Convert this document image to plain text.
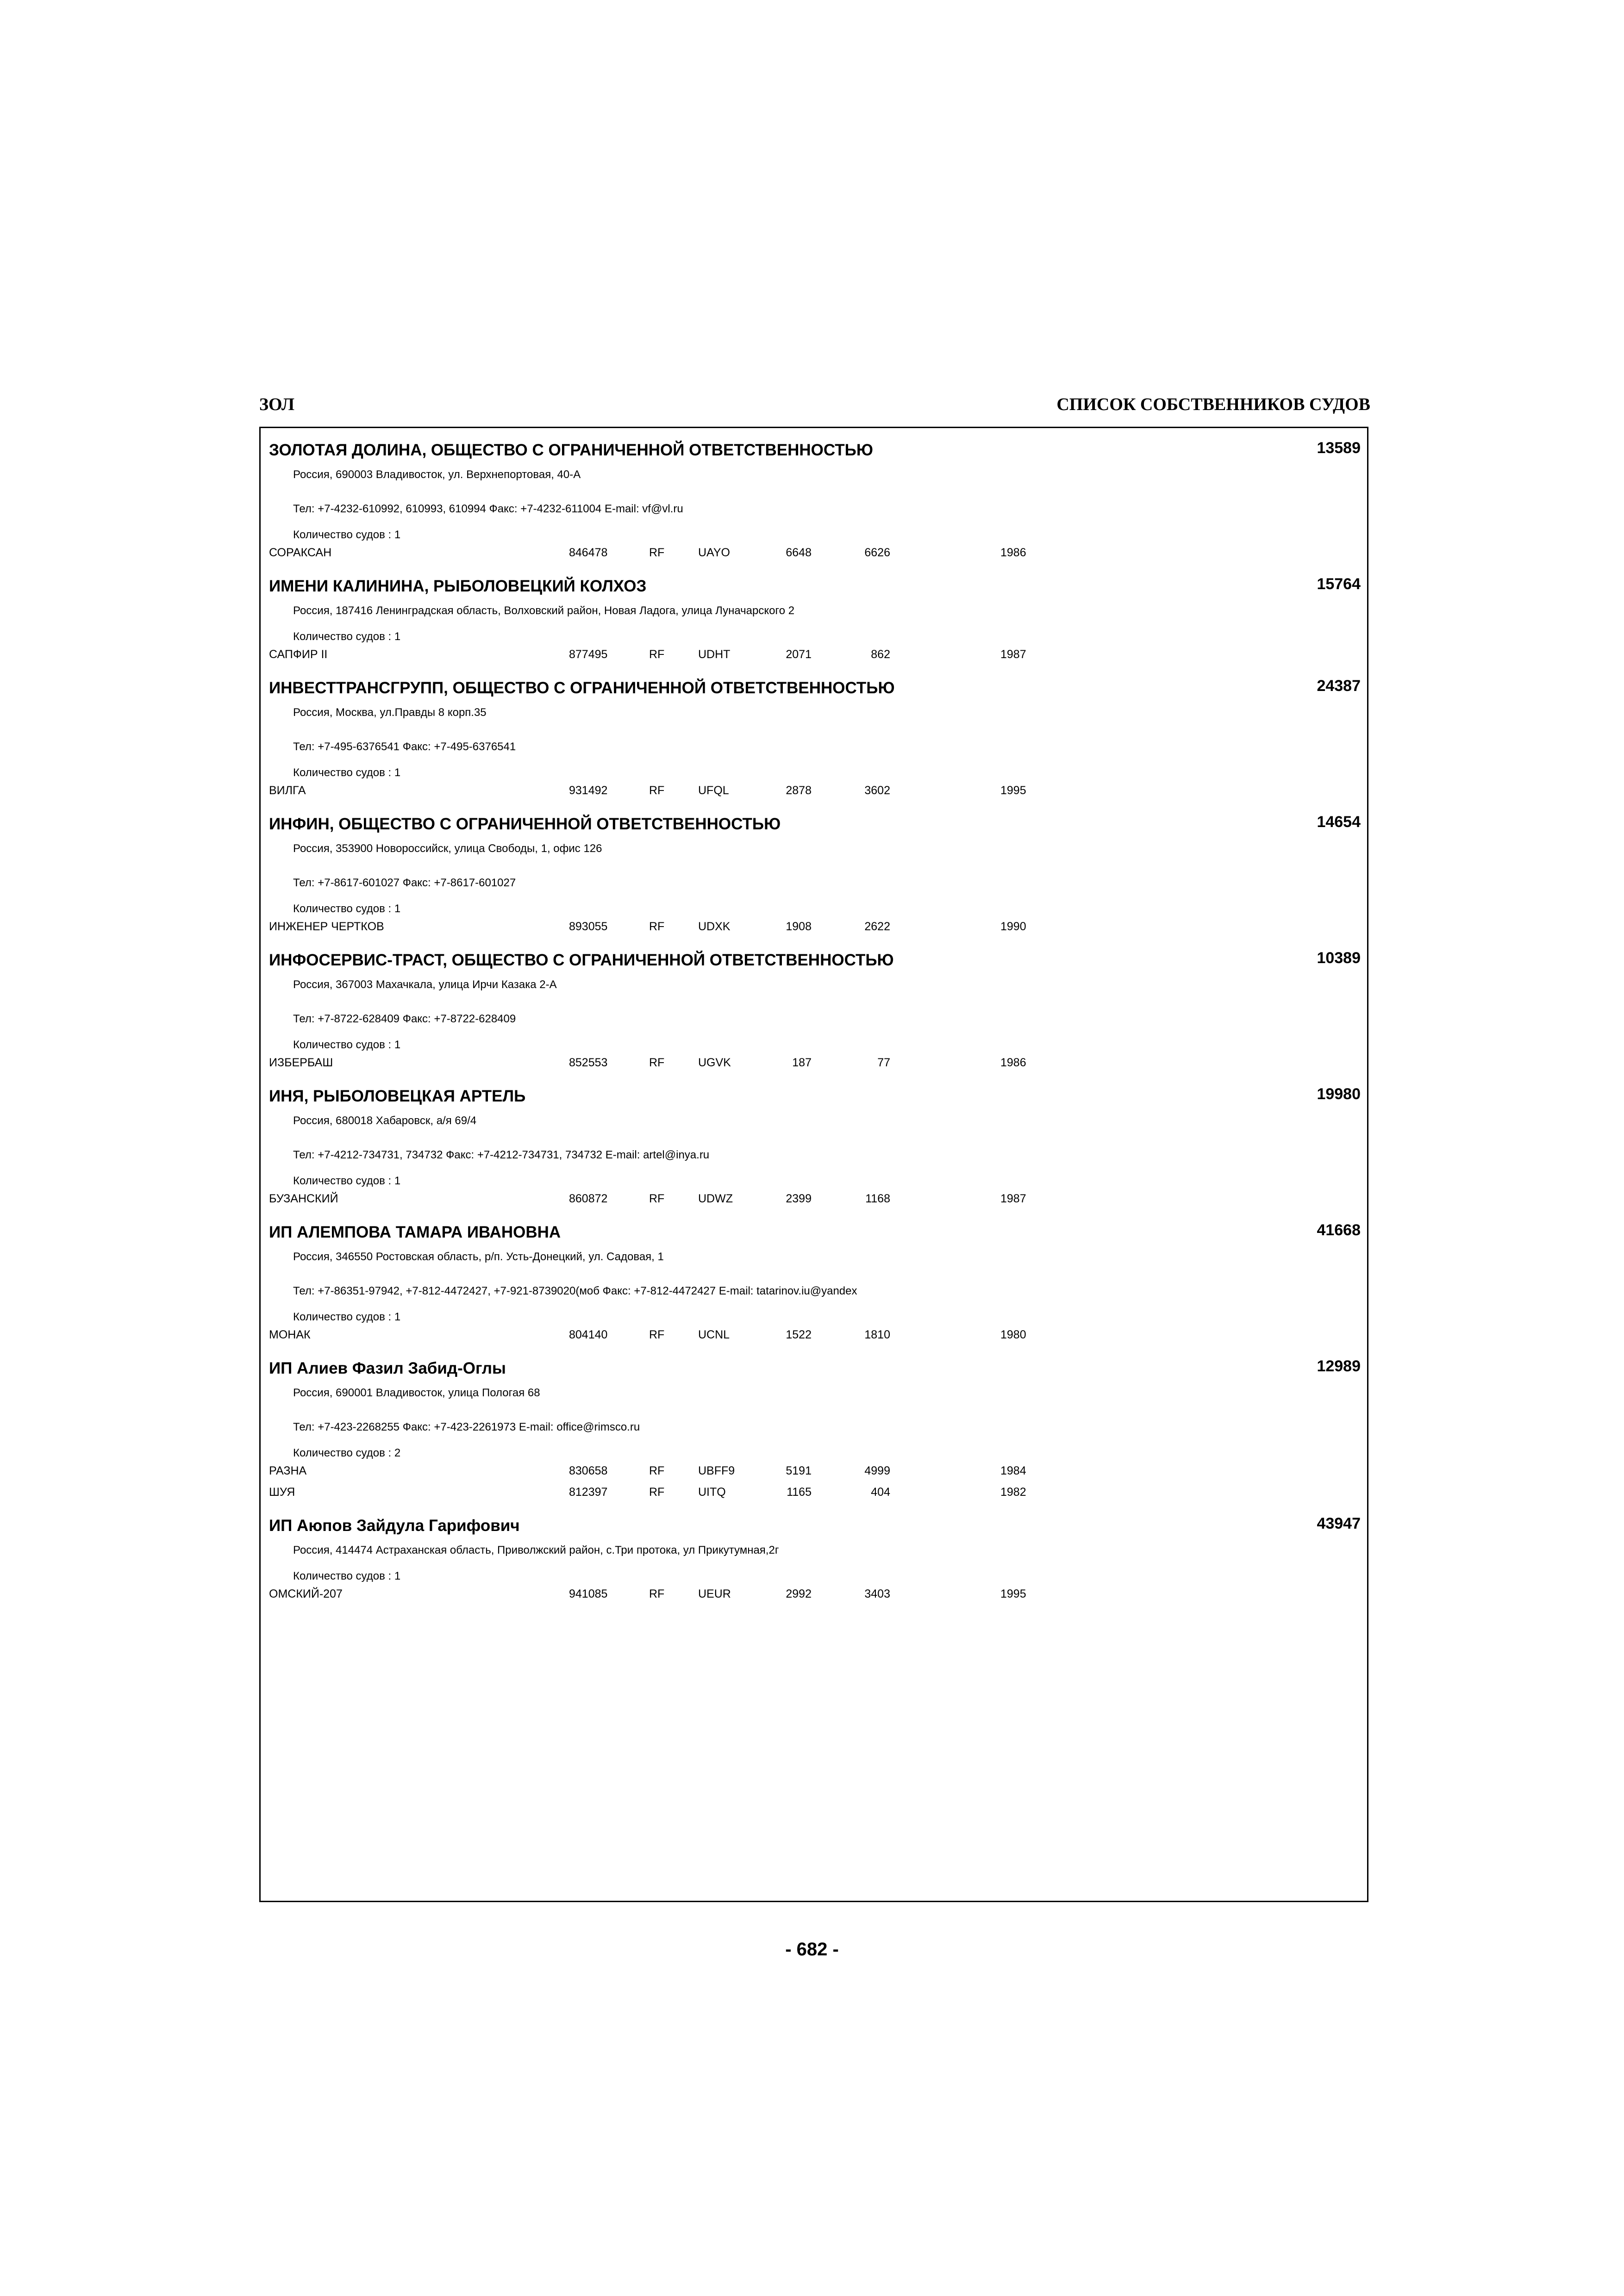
ЗОЛ	СПИСОК СОБСТВЕННИКОВ СУДОВ
ЗОЛОТАЯ ДОЛИНА, ОБЩЕСТВО С ОГРАНИЧЕННОЙ ОТВЕТСТВЕННОСТЬЮ	13589
Россия, 690003 Владивосток, ул. Верхнепортовая, 40-А
Тел: +7-4232-610992, 610993, 610994 Факс: +7-4232-611004 E-mail: vf@vl.ru
Количество судов : 1
СОРАКСАН	846478	RF	UAYO	6648	6626	1986
ИМЕНИ КАЛИНИНА, РЫБОЛОВЕЦКИЙ КОЛХОЗ	15764
Россия, 187416 Ленинградская область, Волховский район, Новая Ладога, улица Луначарского 2
Количество судов : 1
САПФИР II	877495	RF	UDHT	2071	862	1987
ИНВЕСТТРАНСГРУПП, ОБЩЕСТВО С ОГРАНИЧЕННОЙ ОТВЕТСТВЕННОСТЬЮ	24387
Россия, Москва, ул.Правды 8 корп.35
Тел: +7-495-6376541 Факс: +7-495-6376541
Количество судов : 1
ВИЛГА	931492	RF	UFQL	2878	3602	1995
ИНФИН, ОБЩЕСТВО С ОГРАНИЧЕННОЙ ОТВЕТСТВЕННОСТЬЮ	14654
Россия, 353900 Новороссийск, улица Свободы, 1, офис 126
Тел: +7-8617-601027 Факс: +7-8617-601027
Количество судов : 1
ИНЖЕНЕР ЧЕРТКОВ	893055	RF	UDXK	1908	2622	1990
ИНФОСЕРВИС-ТРАСТ, ОБЩЕСТВО С ОГРАНИЧЕННОЙ ОТВЕТСТВЕННОСТЬЮ	10389
Россия, 367003 Махачкала, улица Ирчи Казака 2-А
Тел: +7-8722-628409 Факс: +7-8722-628409
Количество судов : 1
ИЗБЕРБАШ	852553	RF	UGVK	187	77	1986
ИНЯ, РЫБОЛОВЕЦКАЯ АРТЕЛЬ	19980
Россия, 680018 Хабаровск, а/я 69/4
Тел: +7-4212-734731, 734732 Факс: +7-4212-734731, 734732 E-mail: artel@inya.ru
Количество судов : 1
БУЗАНСКИЙ	860872	RF	UDWZ	2399	1168	1987
ИП АЛЕМПОВА ТАМАРА ИВАНОВНА	41668
Россия, 346550 Ростовская область, р/п. Усть-Донецкий, ул. Садовая, 1
Тел: +7-86351-97942, +7-812-4472427, +7-921-8739020(моб Факс: +7-812-4472427 E-mail: tatarinov.iu@yandex
Количество судов : 1
МОНАК	804140	RF	UCNL	1522	1810	1980
ИП Алиев Фазил Забид-Оглы	12989
Россия, 690001 Владивосток, улица Пологая 68
Тел: +7-423-2268255 Факс: +7-423-2261973 E-mail: office@rimsco.ru
Количество судов : 2
РАЗНА	830658	RF	UBFF9	5191	4999	1984
ШУЯ	812397	RF	UITQ	1165	404	1982
ИП Аюпов Зайдула Гарифович	43947
Россия, 414474 Астраханская область, Приволжский район, с.Три протока, ул Прикутумная,2г
Количество судов : 1
ОМСКИЙ-207	941085	RF	UEUR	2992	3403	1995
- 682 -
